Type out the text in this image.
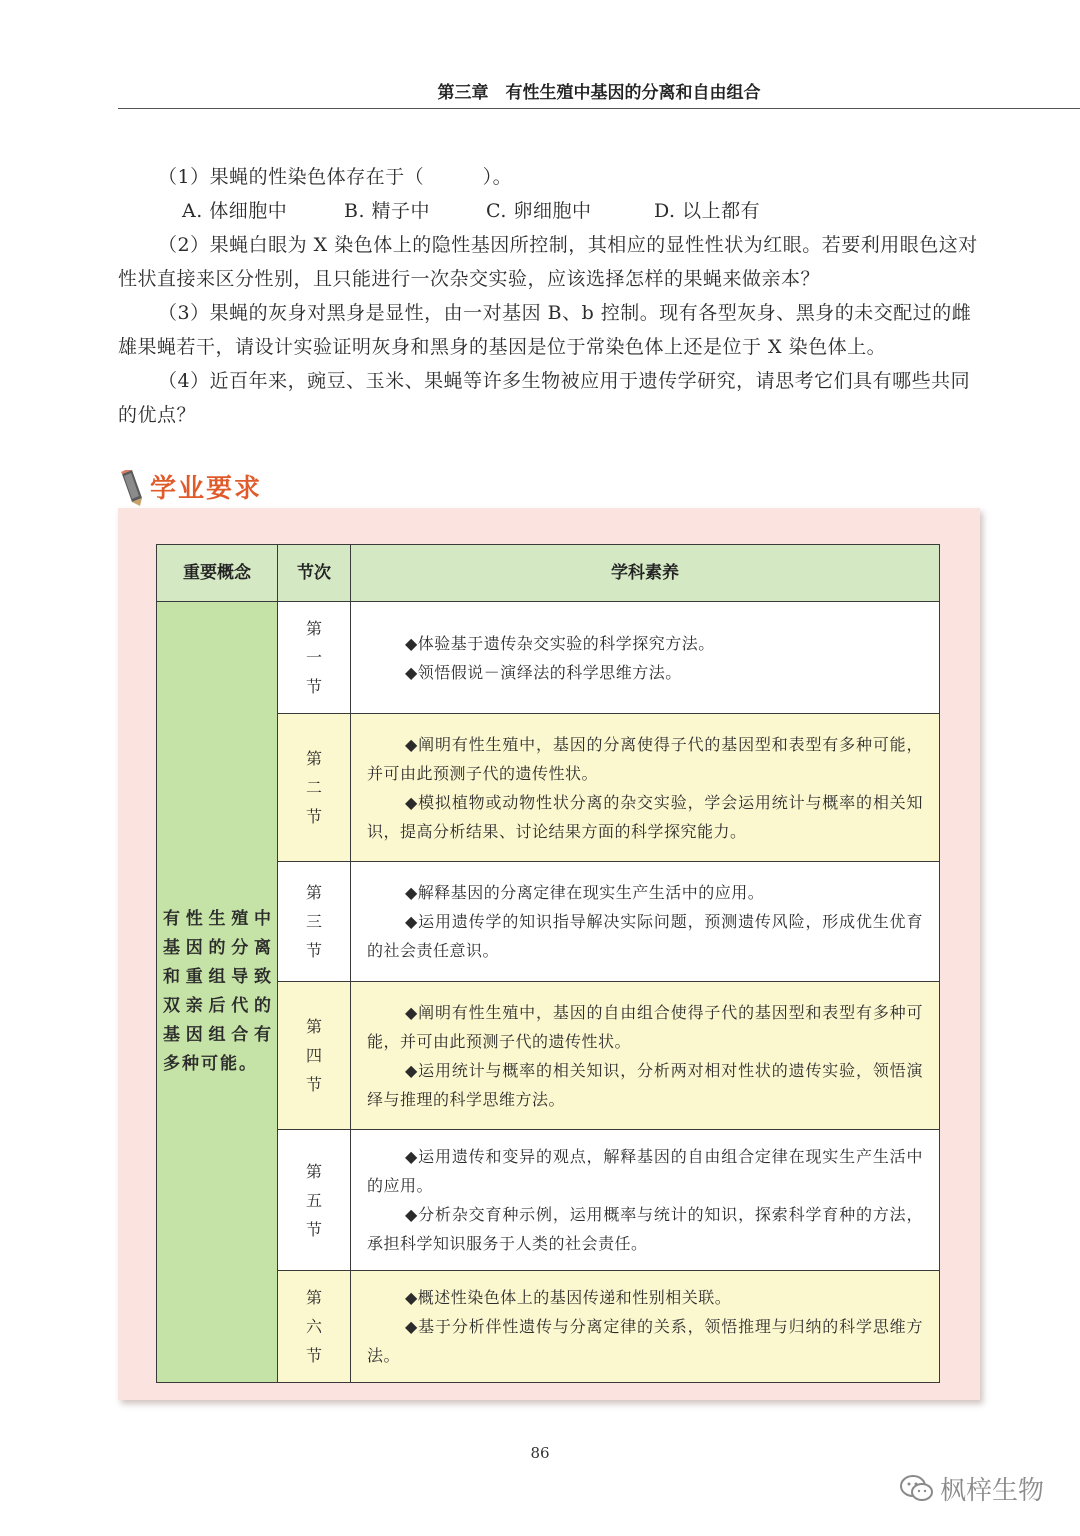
第三章　有性生殖中基因的分离和自由组合
（1）果蝇的性染色体存在于（　　　）。
A. 体细胞中	B. 精子中	C. 卵细胞中	D. 以上都有
（2）果蝇白眼为 X 染色体上的隐性基因所控制，其相应的显性性状为红眼。若要利用眼色这对性状直接来区分性别，且只能进行一次杂交实验，应该选择怎样的果蝇来做亲本？
（3）果蝇的灰身对黑身是显性，由一对基因 B、b 控制。现有各型灰身、黑身的未交配过的雌雄果蝇若干，请设计实验证明灰身和黑身的基因是位于常染色体上还是位于 X 染色体上。
（4）近百年来，豌豆、玉米、果蝇等许多生物被应用于遗传学研究，请思考它们具有哪些共同的优点？
学业要求
重要概念	节次	学科素养
有性生殖中基因的分离和重组导致双亲后代的基因组合有多种可能。	第一节	◆体验基于遗传杂交实验的科学探究方法。

◆领悟假说－演绎法的科学思维方法。

	第二节	◆阐明有性生殖中，基因的分离使得子代的基因型和表型有多种可能，并可由此预测子代的遗传性状。

◆模拟植物或动物性状分离的杂交实验，学会运用统计与概率的相关知识，提高分析结果、讨论结果方面的科学探究能力。

	第三节	◆解释基因的分离定律在现实生产生活中的应用。

◆运用遗传学的知识指导解决实际问题，预测遗传风险，形成优生优育的社会责任意识。

	第四节	◆阐明有性生殖中，基因的自由组合使得子代的基因型和表型有多种可能，并可由此预测子代的遗传性状。

◆运用统计与概率的相关知识，分析两对相对性状的遗传实验，领悟演绎与推理的科学思维方法。

	第五节	◆运用遗传和变异的观点，解释基因的自由组合定律在现实生产生活中的应用。

◆分析杂交育种示例，运用概率与统计的知识，探索科学育种的方法，承担科学知识服务于人类的社会责任。

	第六节	◆概述性染色体上的基因传递和性别相关联。

◆基于分析伴性遗传与分离定律的关系，领悟推理与归纳的科学思维方法。

86
枫梓生物
